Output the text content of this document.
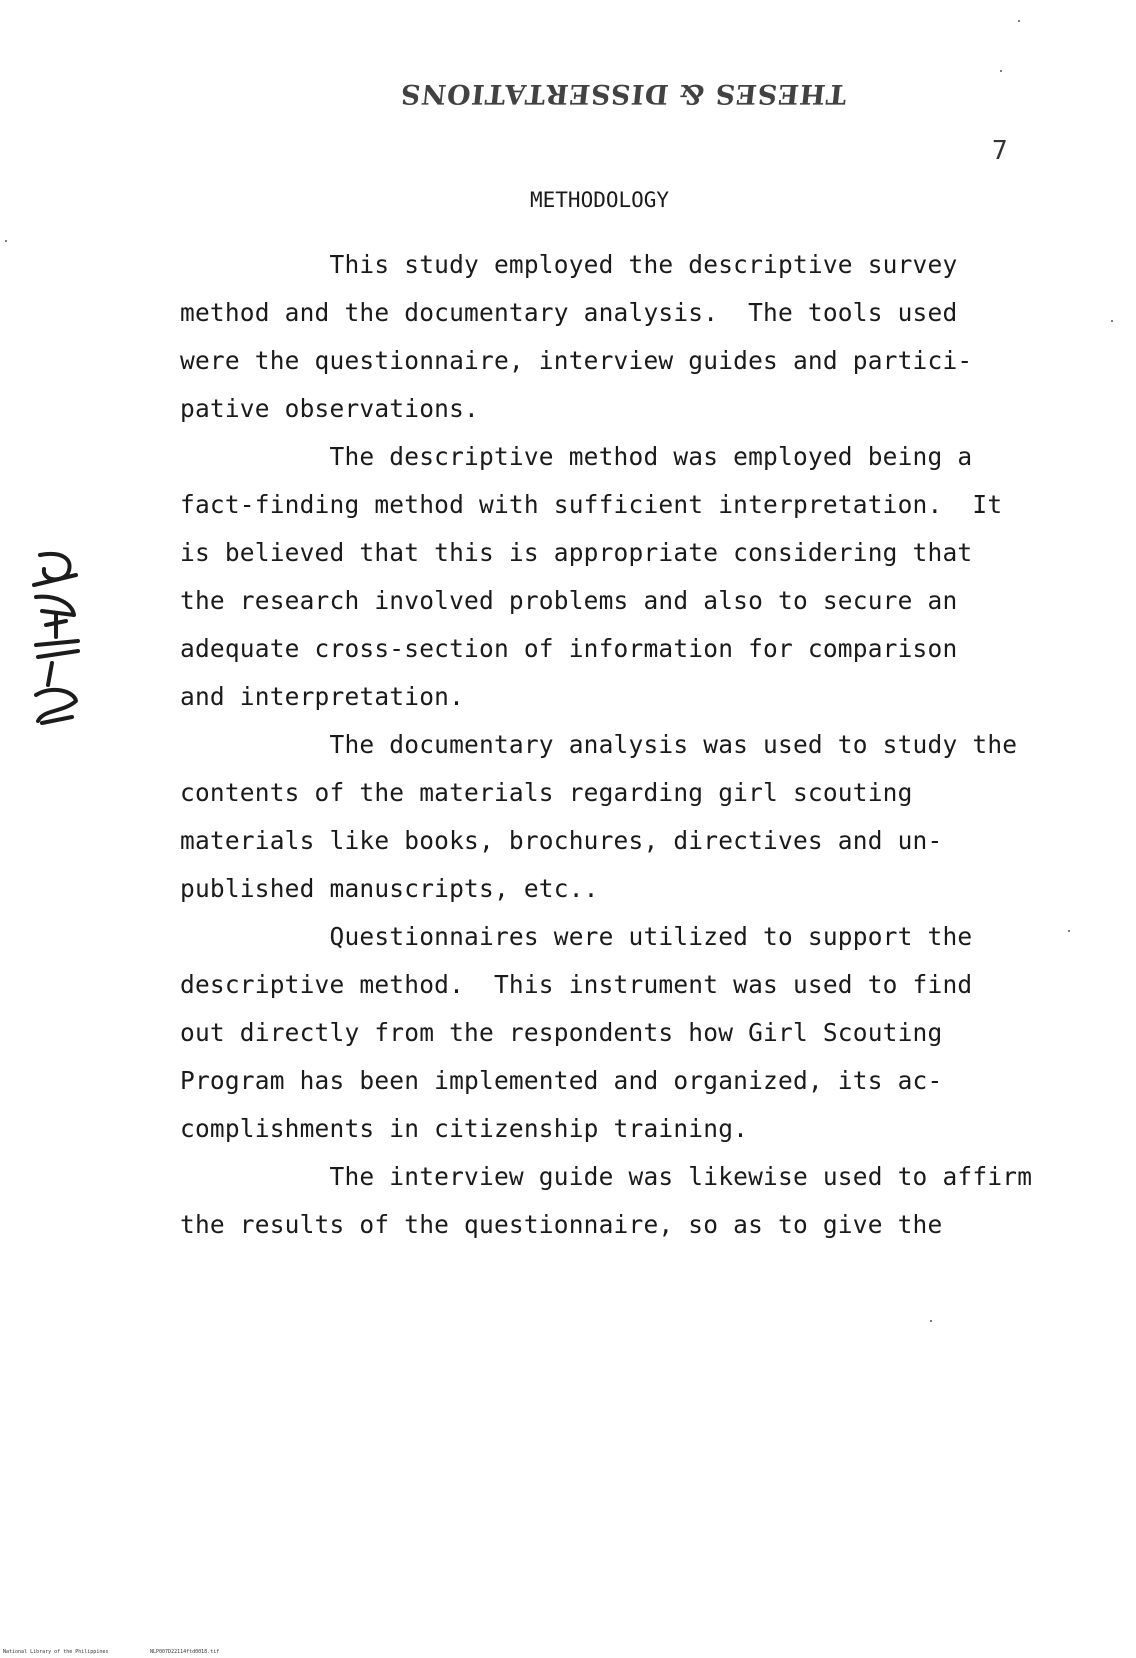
THESES & DISSERTATIONS
7
METHODOLOGY
This study employed the descriptive survey
method and the documentary analysis.  The tools used
were the questionnaire, interview guides and partici-
pative observations.
The descriptive method was employed being a
fact-finding method with sufficient interpretation.  It
is believed that this is appropriate considering that
the research involved problems and also to secure an
adequate cross-section of information for comparison
and interpretation.
The documentary analysis was used to study the
contents of the materials regarding girl scouting
materials like books, brochures, directives and un-
published manuscripts, etc..
Questionnaires were utilized to support the
descriptive method.  This instrument was used to find
out directly from the respondents how Girl Scouting
Program has been implemented and organized, its ac-
complishments in citizenship training.
The interview guide was likewise used to affirm
the results of the questionnaire, so as to give the
National Library of the Philippines	NLP007D22114ftd0018.tif
